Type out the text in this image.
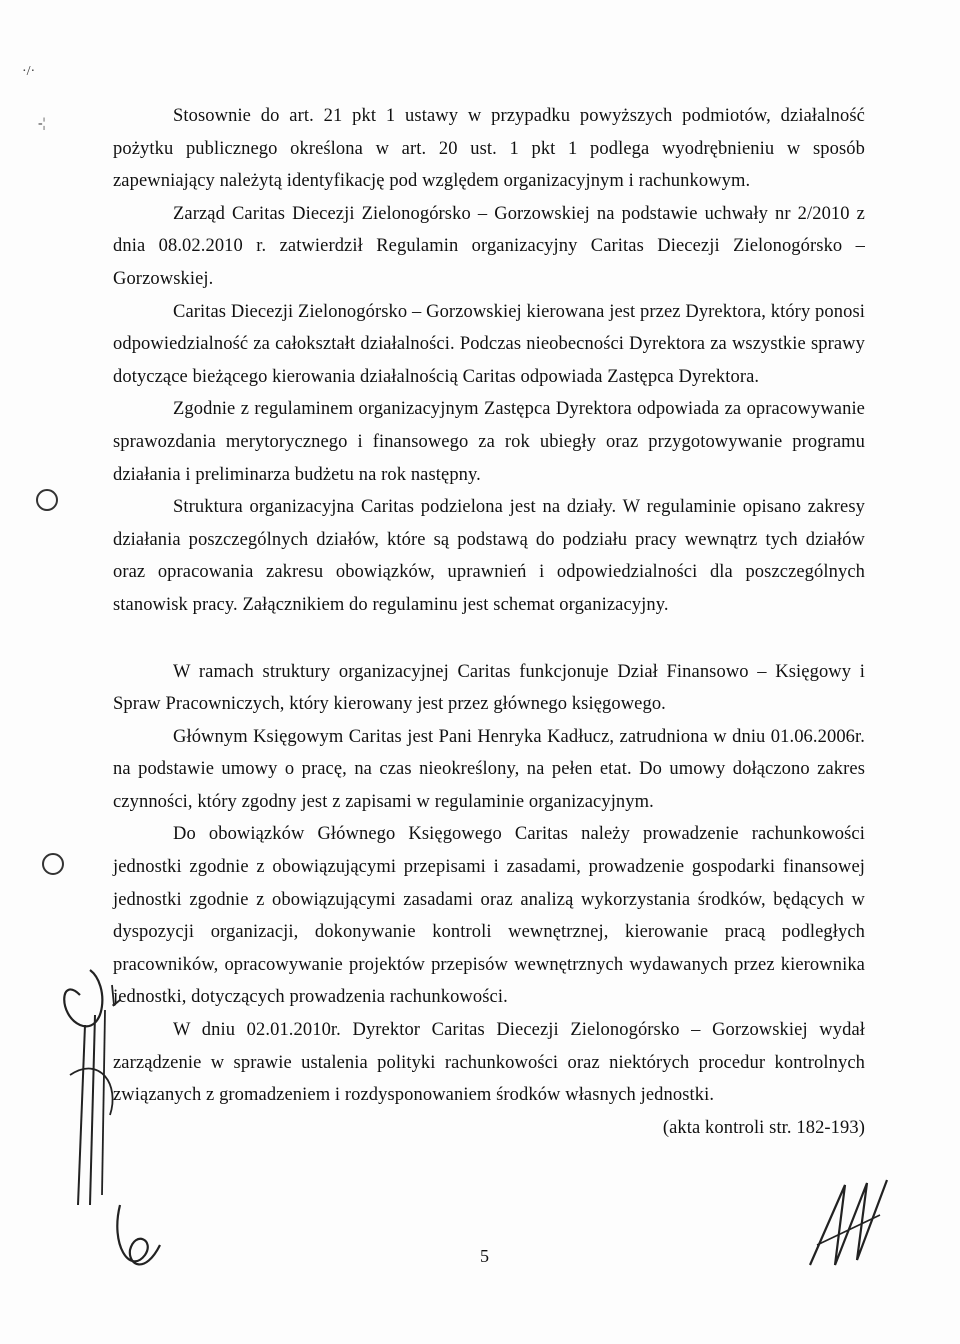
·/·
-¦	Stosownie do art. 21 pkt 1 ustawy w przypadku powyższych podmiotów, działalność pożytku publicznego określona w art. 20 ust. 1 pkt 1 podlega wyodrębnieniu w sposób zapewniający należytą identyfikację pod względem organizacyjnym i rachunkowym.

Zarząd Caritas Diecezji Zielonogórsko – Gorzowskiej na podstawie uchwały nr 2/2010 z dnia 08.02.2010 r. zatwierdził Regulamin organizacyjny Caritas Diecezji Zielonogórsko – Gorzowskiej.

Caritas Diecezji Zielonogórsko – Gorzowskiej kierowana jest przez Dyrektora, który ponosi odpowiedzialność za całokształt działalności. Podczas nieobecności Dyrektora za wszystkie sprawy dotyczące bieżącego kierowania działalnością Caritas odpowiada Zastępca Dyrektora.

Zgodnie z regulaminem organizacyjnym Zastępca Dyrektora odpowiada za opracowywanie sprawozdania merytorycznego i finansowego za rok ubiegły oraz przygotowywanie programu działania i preliminarza budżetu na rok następny.

Struktura organizacyjna Caritas podzielona jest na działy. W regulaminie opisano zakresy działania poszczególnych działów, które są podstawą do podziału pracy wewnątrz tych działów oraz opracowania zakresu obowiązków, uprawnień i odpowiedzialności dla poszczególnych stanowisk pracy. Załącznikiem do regulaminu jest schemat organizacyjny.

W ramach struktury organizacyjnej Caritas funkcjonuje Dział Finansowo – Księgowy i Spraw Pracowniczych, który kierowany jest przez głównego księgowego.

Głównym Księgowym Caritas jest Pani Henryka Kadłucz, zatrudniona w dniu 01.06.2006r. na podstawie umowy o pracę, na czas nieokreślony, na pełen etat. Do umowy dołączono zakres czynności, który zgodny jest z zapisami w regulaminie organizacyjnym.

Do obowiązków Głównego Księgowego Caritas należy prowadzenie rachunkowości jednostki zgodnie z obowiązującymi przepisami i zasadami, prowadzenie gospodarki finansowej jednostki zgodnie z obowiązującymi zasadami oraz analizą wykorzystania środków, będących w dyspozycji organizacji, dokonywanie kontroli wewnętrznej, kierowanie pracą podległych pracowników, opracowywanie projektów przepisów wewnętrznych wydawanych przez kierownika jednostki, dotyczących prowadzenia rachunkowości.

W dniu 02.01.2010r. Dyrektor Caritas Diecezji Zielonogórsko – Gorzowskiej wydał zarządzenie w sprawie ustalenia polityki rachunkowości oraz niektórych procedur kontrolnych związanych z gromadzeniem i rozdysponowaniem środków własnych jednostki.

(akta kontroli str. 182-193)

5
